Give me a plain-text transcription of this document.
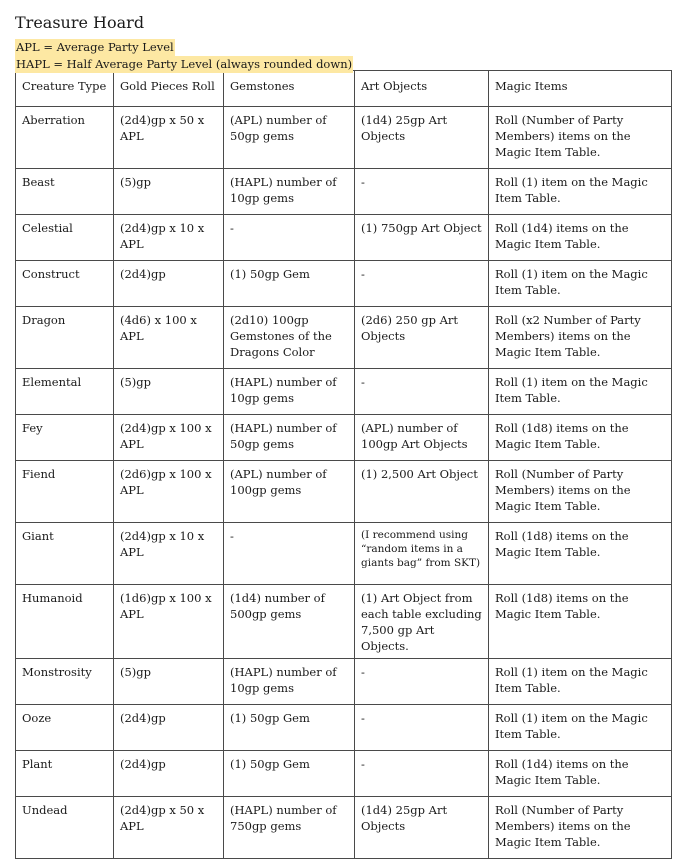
Treasure Hoard
APL = Average Party Level
HAPL = Half Average Party Level (always rounded down)
Creature Type	Gold Pieces Roll	Gemstones	Art Objects	Magic Items
Aberration	(2d4)gp x 50 x APL	(APL) number of 50gp gems	(1d4) 25gp Art Objects	Roll (Number of Party Members) items on the Magic Item Table.
Beast	(5)gp	(HAPL) number of 10gp gems	-	Roll (1) item on the Magic Item Table.
Celestial	(2d4)gp x 10 x APL	-	(1) 750gp Art Object	Roll (1d4) items on the Magic Item Table.
Construct	(2d4)gp	(1) 50gp Gem	-	Roll (1) item on the Magic Item Table.
Dragon	(4d6) x 100 x APL	(2d10) 100gp Gemstones of the Dragons Color	(2d6) 250 gp Art Objects	Roll (x2 Number of Party Members) items on the Magic Item Table.
Elemental	(5)gp	(HAPL) number of 10gp gems	-	Roll (1) item on the Magic Item Table.
Fey	(2d4)gp x 100 x APL	(HAPL) number of 50gp gems	(APL) number of 100gp Art Objects	Roll (1d8) items on the Magic Item Table.
Fiend	(2d6)gp x 100 x APL	(APL) number of 100gp gems	(1) 2,500 Art Object	Roll (Number of Party Members) items on the Magic Item Table.
Giant	(2d4)gp x 10 x APL	-	(I recommend using “random items in a giants bag” from SKT)	Roll (1d8) items on the Magic Item Table.
Humanoid	(1d6)gp x 100 x APL	(1d4) number of 500gp gems	(1) Art Object from each table excluding 7,500 gp Art Objects.	Roll (1d8) items on the Magic Item Table.
Monstrosity	(5)gp	(HAPL) number of 10gp gems	-	Roll (1) item on the Magic Item Table.
Ooze	(2d4)gp	(1) 50gp Gem	-	Roll (1) item on the Magic Item Table.
Plant	(2d4)gp	(1) 50gp Gem	-	Roll (1d4) items on the Magic Item Table.
Undead	(2d4)gp x 50 x APL	(HAPL) number of 750gp gems	(1d4) 25gp Art Objects	Roll (Number of Party Members) items on the Magic Item Table.
